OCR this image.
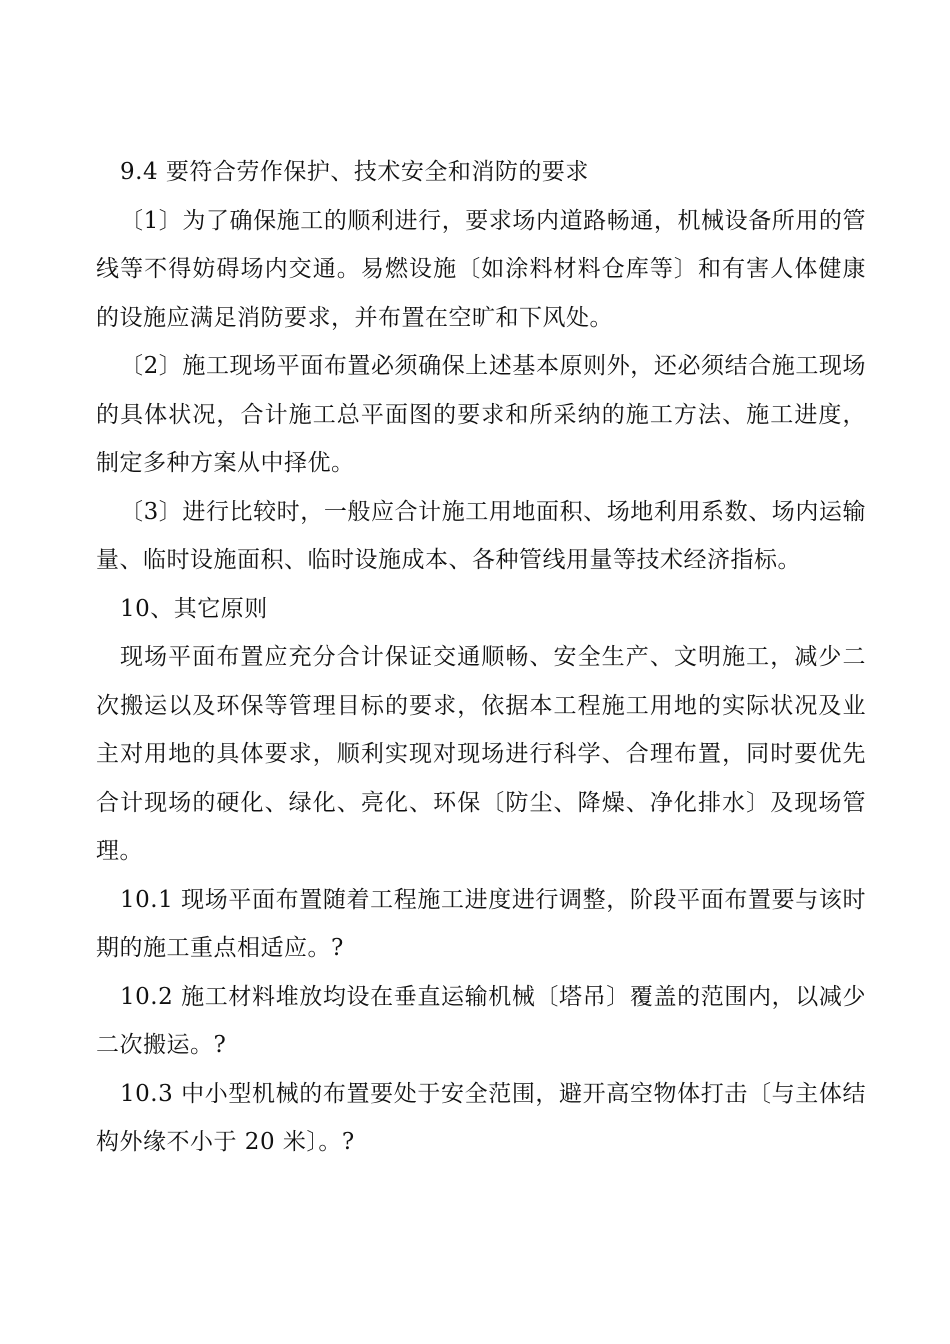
9.4 要符合劳作保护、技术安全和消防的要求

〔1〕为了确保施工的顺利进行，要求场内道路畅通，机械设备所用的管线等不得妨碍场内交通。易燃设施〔如涂料材料仓库等〕和有害人体健康的设施应满足消防要求，并布置在空旷和下风处。

〔2〕施工现场平面布置必须确保上述基本原则外，还必须结合施工现场的具体状况，合计施工总平面图的要求和所采纳的施工方法、施工进度，制定多种方案从中择优。

〔3〕进行比较时，一般应合计施工用地面积、场地利用系数、场内运输量、临时设施面积、临时设施成本、各种管线用量等技术经济指标。

10、其它原则

现场平面布置应充分合计保证交通顺畅、安全生产、文明施工，减少二次搬运以及环保等管理目标的要求，依据本工程施工用地的实际状况及业主对用地的具体要求，顺利实现对现场进行科学、合理布置，同时要优先合计现场的硬化、绿化、亮化、环保〔防尘、降燥、净化排水〕及现场管理。

10.1 现场平面布置随着工程施工进度进行调整，阶段平面布置要与该时期的施工重点相适应。?

10.2 施工材料堆放均设在垂直运输机械〔塔吊〕覆盖的范围内，以减少二次搬运。?

10.3 中小型机械的布置要处于安全范围，避开高空物体打击〔与主体结构外缘不小于 20 米〕。?
